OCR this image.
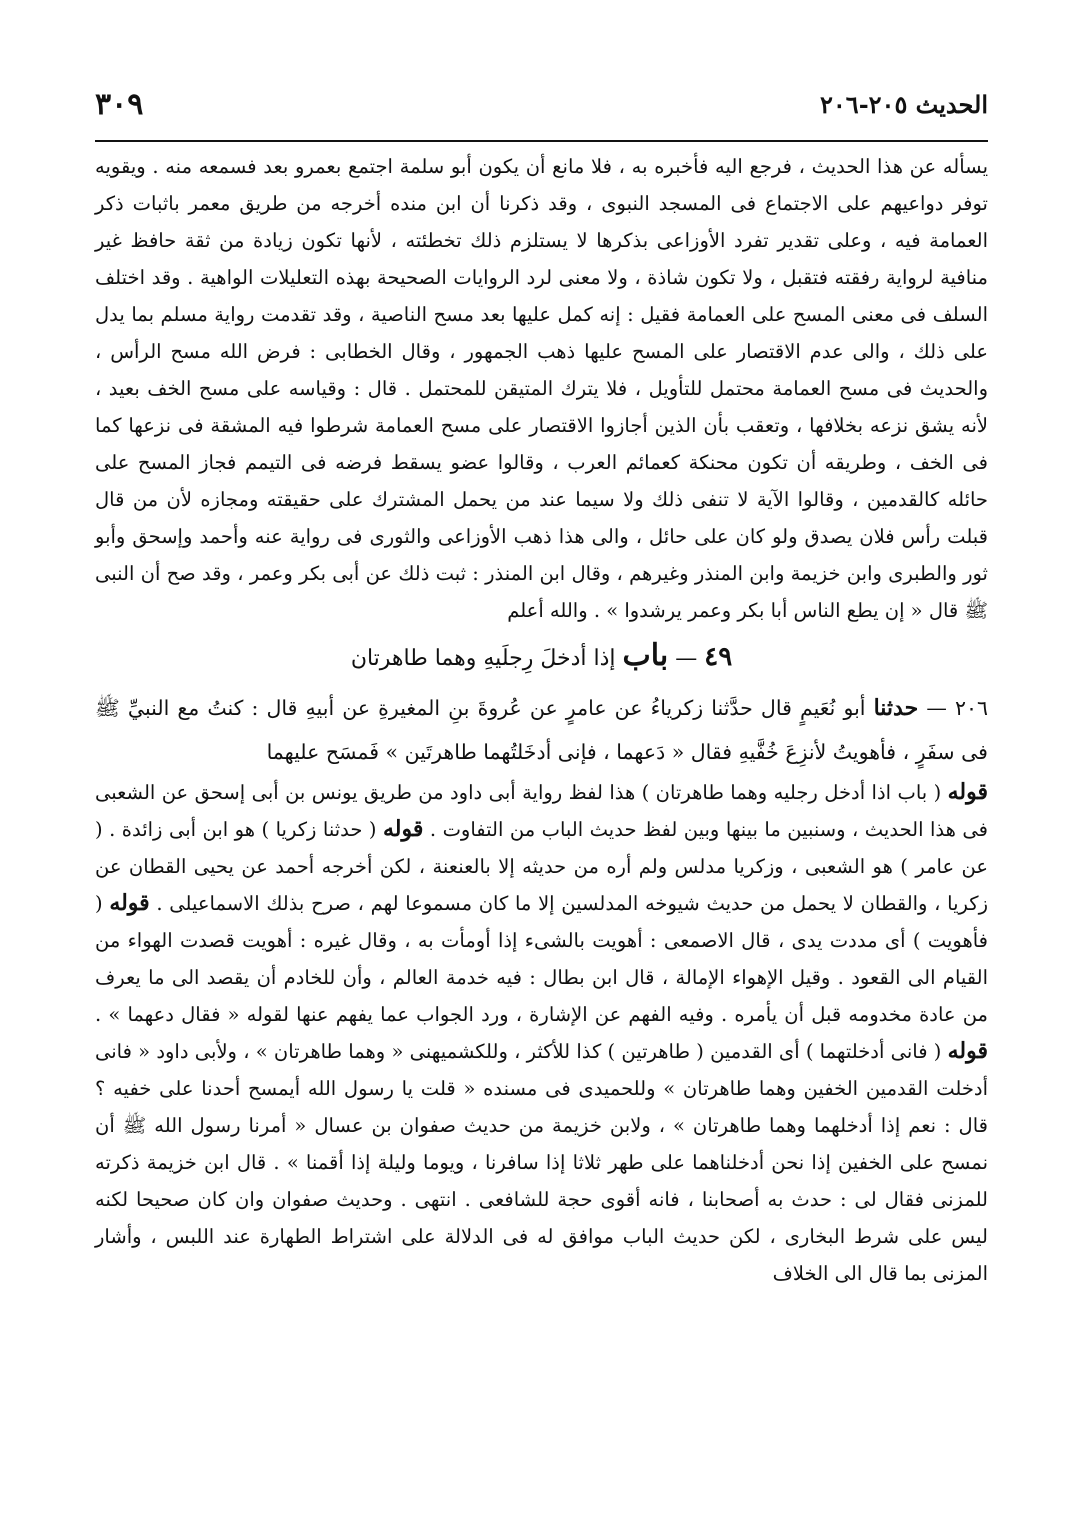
الحديث ٢٠٥-٢٠٦
٣٠٩

يسأله عن هذا الحديث ، فرجع اليه فأخبره به ، فلا مانع أن يكون أبو سلمة اجتمع بعمرو بعد فسمعه منه . ويقويه توفر دواعيهم على الاجتماع فى المسجد النبوى ، وقد ذكرنا أن ابن منده أخرجه من طريق معمر باثبات ذكر العمامة فيه ، وعلى تقدير تفرد الأوزاعى بذكرها لا يستلزم ذلك تخطئته ، لأنها تكون زيادة من ثقة حافظ غير منافية لرواية رفقته فتقبل ، ولا تكون شاذة ، ولا معنى لرد الروايات الصحيحة بهذه التعليلات الواهية . وقد اختلف السلف فى معنى المسح على العمامة فقيل : إنه كمل عليها بعد مسح الناصية ، وقد تقدمت رواية مسلم بما يدل على ذلك ، والى عدم الاقتصار على المسح عليها ذهب الجمهور ، وقال الخطابى : فرض الله مسح الرأس ، والحديث فى مسح العمامة محتمل للتأويل ، فلا يترك المتيقن للمحتمل . قال : وقياسه على مسح الخف بعيد ، لأنه يشق نزعه بخلافها ، وتعقب بأن الذين أجازوا الاقتصار على مسح العمامة شرطوا فيه المشقة فى نزعها كما فى الخف ، وطريقه أن تكون محنكة كعمائم العرب ، وقالوا عضو يسقط فرضه فى التيمم فجاز المسح على حائله كالقدمين ، وقالوا الآية لا تنفى ذلك ولا سيما عند من يحمل المشترك على حقيقته ومجازه لأن من قال قبلت رأس فلان يصدق ولو كان على حائل ، والى هذا ذهب الأوزاعى والثورى فى رواية عنه وأحمد وإسحق وأبو ثور والطبرى وابن خزيمة وابن المنذر وغيرهم ، وقال ابن المنذر : ثبت ذلك عن أبى بكر وعمر ، وقد صح أن النبى ﷺ قال « إن يطع الناس أبا بكر وعمر يرشدوا » . والله أعلم

٤٩ — باب إذا أدخلَ رِجلَيهِ وهما طاهرتان

٢٠٦ — حدثنا أبو نُعَيمٍ قال حدَّثنا زكرياءُ عن عامرٍ عن عُروةَ بنِ المغيرةِ عن أبيهِ قال : كنتُ مع النبيِّ ﷺ فى سفَرٍ ، فأهويتُ لأنزِعَ خُفَّيهِ فقال « دَعهما ، فإنى أدخَلتُهما طاهرتَين » فَمسَح عليهما

قوله ( باب اذا أدخل رجليه وهما طاهرتان ) هذا لفظ رواية أبى داود من طريق يونس بن أبى إسحق عن الشعبى فى هذا الحديث ، وسنبين ما بينها وبين لفظ حديث الباب من التفاوت . قوله ( حدثنا زكريا ) هو ابن أبى زائدة . ( عن عامر ) هو الشعبى ، وزكريا مدلس ولم أره من حديثه إلا بالعنعنة ، لكن أخرجه أحمد عن يحيى القطان عن زكريا ، والقطان لا يحمل من حديث شيوخه المدلسين إلا ما كان مسموعا لهم ، صرح بذلك الاسماعيلى . قوله ( فأهويت ) أى مددت يدى ، قال الاصمعى : أهويت بالشىء إذا أومأت به ، وقال غيره : أهويت قصدت الهواء من القيام الى القعود . وقيل الإهواء الإمالة ، قال ابن بطال : فيه خدمة العالم ، وأن للخادم أن يقصد الى ما يعرف من عادة مخدومه قبل أن يأمره . وفيه الفهم عن الإشارة ، ورد الجواب عما يفهم عنها لقوله « فقال دعهما » . قوله ( فانى أدخلتهما ) أى القدمين ( طاهرتين ) كذا للأكثر ، وللكشميهنى « وهما طاهرتان » ، ولأبى داود « فانى أدخلت القدمين الخفين وهما طاهرتان » وللحميدى فى مسنده « قلت يا رسول الله أيمسح أحدنا على خفيه ؟ قال : نعم إذا أدخلهما وهما طاهرتان » ، ولابن خزيمة من حديث صفوان بن عسال « أمرنا رسول الله ﷺ أن نمسح على الخفين إذا نحن أدخلناهما على طهر ثلاثا إذا سافرنا ، ويوما وليلة إذا أقمنا » . قال ابن خزيمة ذكرته للمزنى فقال لى : حدث به أصحابنا ، فانه أقوى حجة للشافعى . انتهى . وحديث صفوان وان كان صحيحا لكنه ليس على شرط البخارى ، لكن حديث الباب موافق له فى الدلالة على اشتراط الطهارة عند اللبس ، وأشار المزنى بما قال الى الخلاف
